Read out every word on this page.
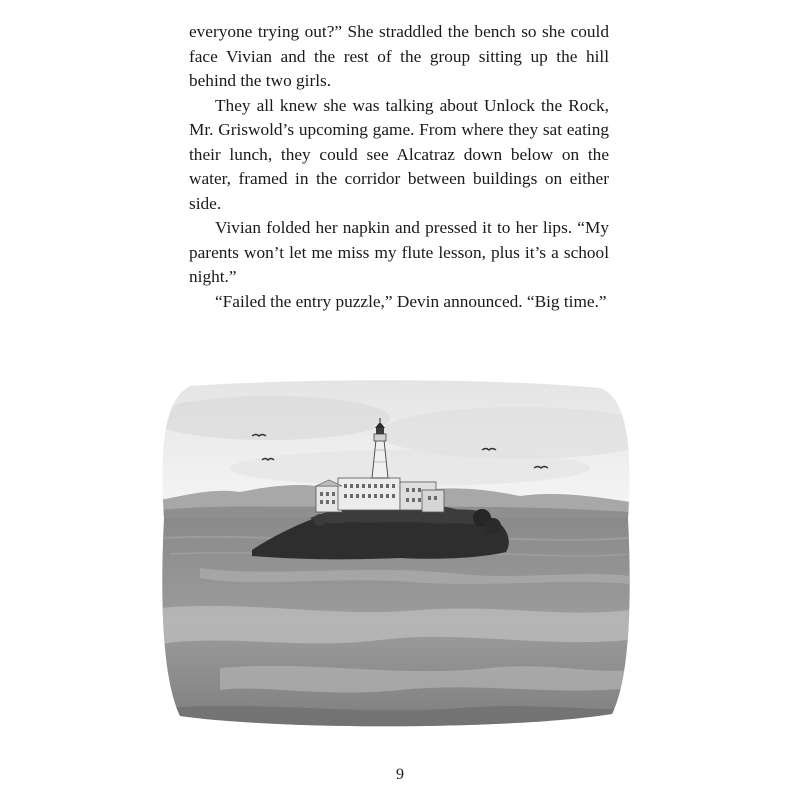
everyone trying out?” She straddled the bench so she could face Vivian and the rest of the group sitting up the hill behind the two girls.

They all knew she was talking about Unlock the Rock, Mr. Griswold’s upcoming game. From where they sat eating their lunch, they could see Alcatraz down below on the water, framed in the corridor between buildings on either side.

Vivian folded her napkin and pressed it to her lips. “My parents won’t let me miss my flute lesson, plus it’s a school night.”

“Failed the entry puzzle,” Devin announced. “Big time.”

9
